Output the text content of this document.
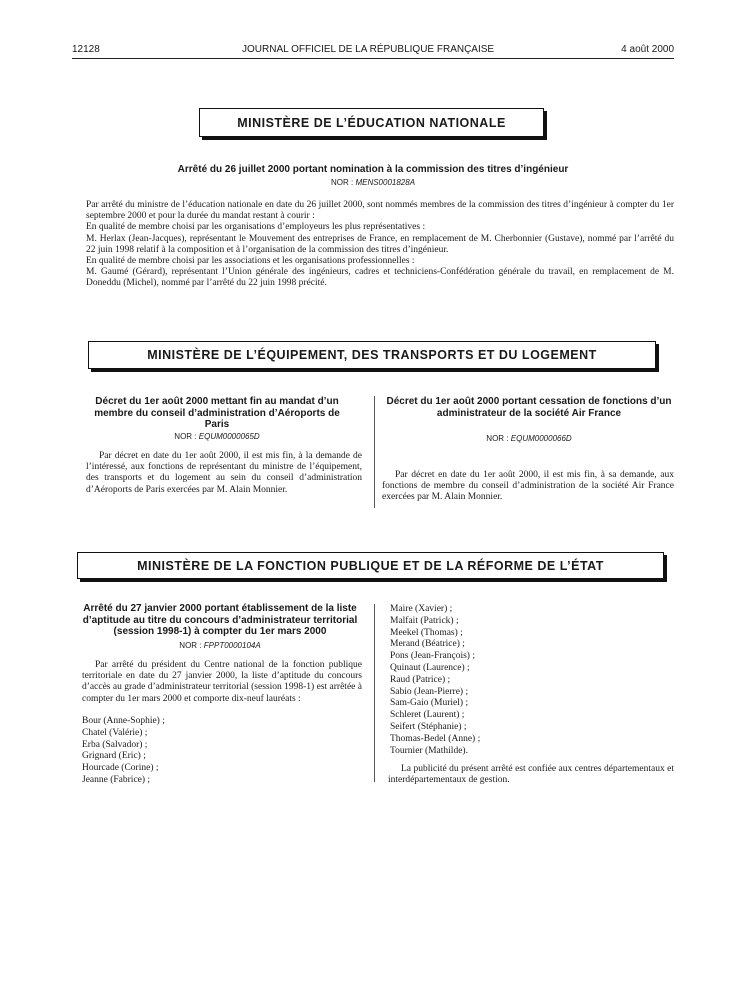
12128	JOURNAL OFFICIEL DE LA RÉPUBLIQUE FRANÇAISE	4 août 2000
MINISTÈRE DE L’ÉDUCATION NATIONALE
Arrêté du 26 juillet 2000 portant nomination à la commission des titres d’ingénieur
NOR : MENS0001828A

Par arrêté du ministre de l’éducation nationale en date du 26 juillet 2000, sont nommés membres de la commission des titres d’ingénieur à compter du 1er septembre 2000 et pour la durée du mandat restant à courir :

En qualité de membre choisi par les organisations d’employeurs les plus représentatives :

M. Herlax (Jean-Jacques), représentant le Mouvement des entreprises de France, en remplacement de M. Cherbonnier (Gustave), nommé par l’arrêté du 22 juin 1998 relatif à la composition et à l’organisation de la commission des titres d’ingénieur.

En qualité de membre choisi par les associations et les organisations professionnelles :

M. Gaumé (Gérard), représentant l’Union générale des ingénieurs, cadres et techniciens-Confédération générale du travail, en remplacement de M. Doneddu (Michel), nommé par l’arrêté du 22 juin 1998 précité.

MINISTÈRE DE L’ÉQUIPEMENT, DES TRANSPORTS ET DU LOGEMENT
Décret du 1er août 2000 mettant fin au mandat d’un membre du conseil d’administration d’Aéroports de Paris
NOR : EQUM0000065D

Par décret en date du 1er août 2000, il est mis fin, à la demande de l’intéressé, aux fonctions de représentant du ministre de l’équipement, des transports et du logement au sein du conseil d’administration d’Aéroports de Paris exercées par M. Alain Monnier.

Décret du 1er août 2000 portant cessation de fonctions d’un administrateur de la société Air France
NOR : EQUM0000066D

Par décret en date du 1er août 2000, il est mis fin, à sa demande, aux fonctions de membre du conseil d’administration de la société Air France exercées par M. Alain Monnier.

MINISTÈRE DE LA FONCTION PUBLIQUE ET DE LA RÉFORME DE L’ÉTAT
Arrêté du 27 janvier 2000 portant établissement de la liste d’aptitude au titre du concours d’administrateur territorial (session 1998-1) à compter du 1er mars 2000
NOR : FPPT0000104A

Par arrêté du président du Centre national de la fonction publique territoriale en date du 27 janvier 2000, la liste d’aptitude du concours d’accès au grade d’administrateur territorial (session 1998-1) est arrêtée à compter du 1er mars 2000 et comporte dix-neuf lauréats :

Bour (Anne-Sophie) ;
Chatel (Valérie) ;
Erba (Salvador) ;
Grignard (Eric) ;
Hourcade (Corine) ;
Jeanne (Fabrice) ;
Maire (Xavier) ;
Malfait (Patrick) ;
Meekel (Thomas) ;
Merand (Béatrice) ;
Pons (Jean-François) ;
Quinaut (Laurence) ;
Raud (Patrice) ;
Sabio (Jean-Pierre) ;
Sam-Gaio (Muriel) ;
Schleret (Laurent) ;
Seifert (Stéphanie) ;
Thomas-Bedel (Anne) ;
Tournier (Mathilde).

La publicité du présent arrêté est confiée aux centres départementaux et interdépartementaux de gestion.
